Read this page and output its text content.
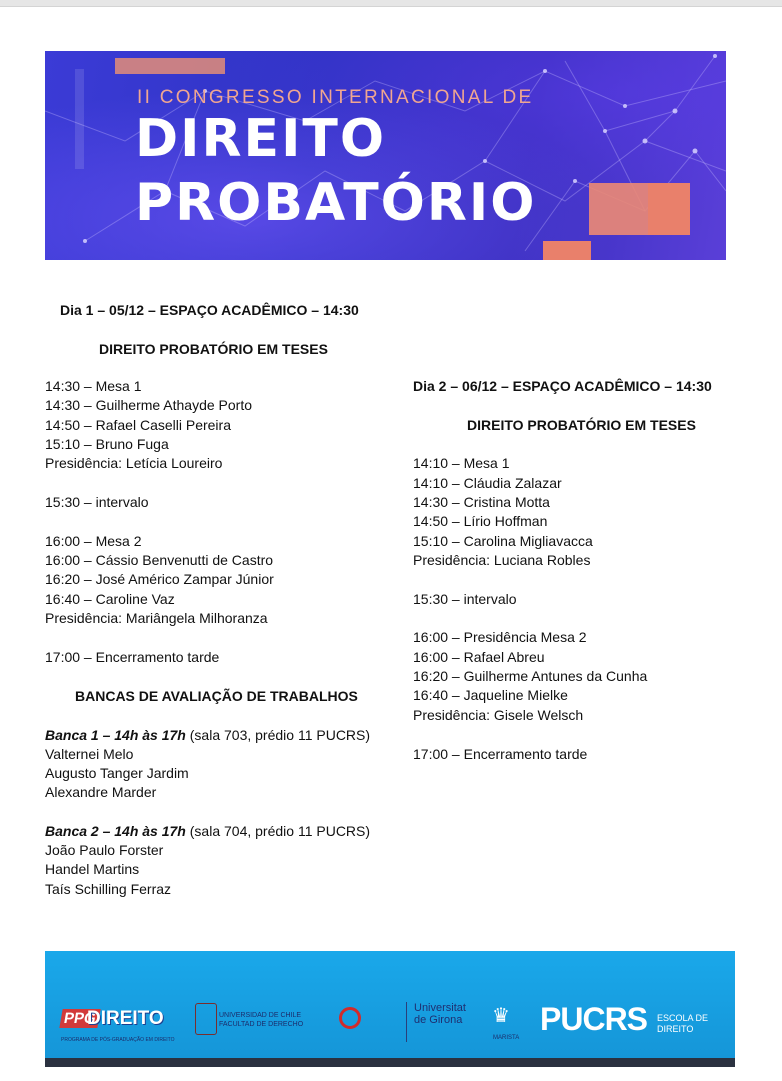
II CONGRESSO INTERNACIONAL DE
DIREITO
PROBATÓRIO
Dia 1 – 05/12 – ESPAÇO ACADÊMICO – 14:30
DIREITO PROBATÓRIO EM TESES
14:30 – Mesa 1
14:30 – Guilherme Athayde Porto
14:50 – Rafael Caselli Pereira
15:10 – Bruno Fuga
Presidência: Letícia Loureiro
15:30 – intervalo
16:00 – Mesa 2
16:00 – Cássio Benvenutti de Castro
16:20 – José Américo Zampar Júnior
16:40 – Caroline Vaz
Presidência: Mariângela Milhoranza
17:00 – Encerramento tarde
BANCAS DE AVALIAÇÃO DE TRABALHOS
Banca 1 – 14h às 17h (sala 703, prédio 11 PUCRS)
Valternei Melo
Augusto Tanger Jardim
Alexandre Marder
Banca 2 – 14h às 17h (sala 704, prédio 11 PUCRS)
João Paulo Forster
Handel Martins
Taís Schilling Ferraz
Dia 2 – 06/12 – ESPAÇO ACADÊMICO – 14:30
DIREITO PROBATÓRIO EM TESES
14:10 – Mesa 1
14:10 – Cláudia Zalazar
14:30 – Cristina Motta
14:50 – Lírio Hoffman
15:10 – Carolina Migliavacca
Presidência: Luciana Robles
15:30 – intervalo
16:00 – Presidência Mesa 2
16:00 – Rafael Abreu
16:20 – Guilherme Antunes da Cunha
16:40 – Jaqueline Mielke
Presidência: Gisele Welsch
17:00 – Encerramento tarde
PPG
DIREITO
PROGRAMA DE PÓS-GRADUAÇÃO EM DIREITO
UNIVERSIDAD DE CHILE
FACULTAD DE DERECHO
Universitat
de Girona ♛
MARISTA
PUCRS ESCOLA DE
DIREITO
